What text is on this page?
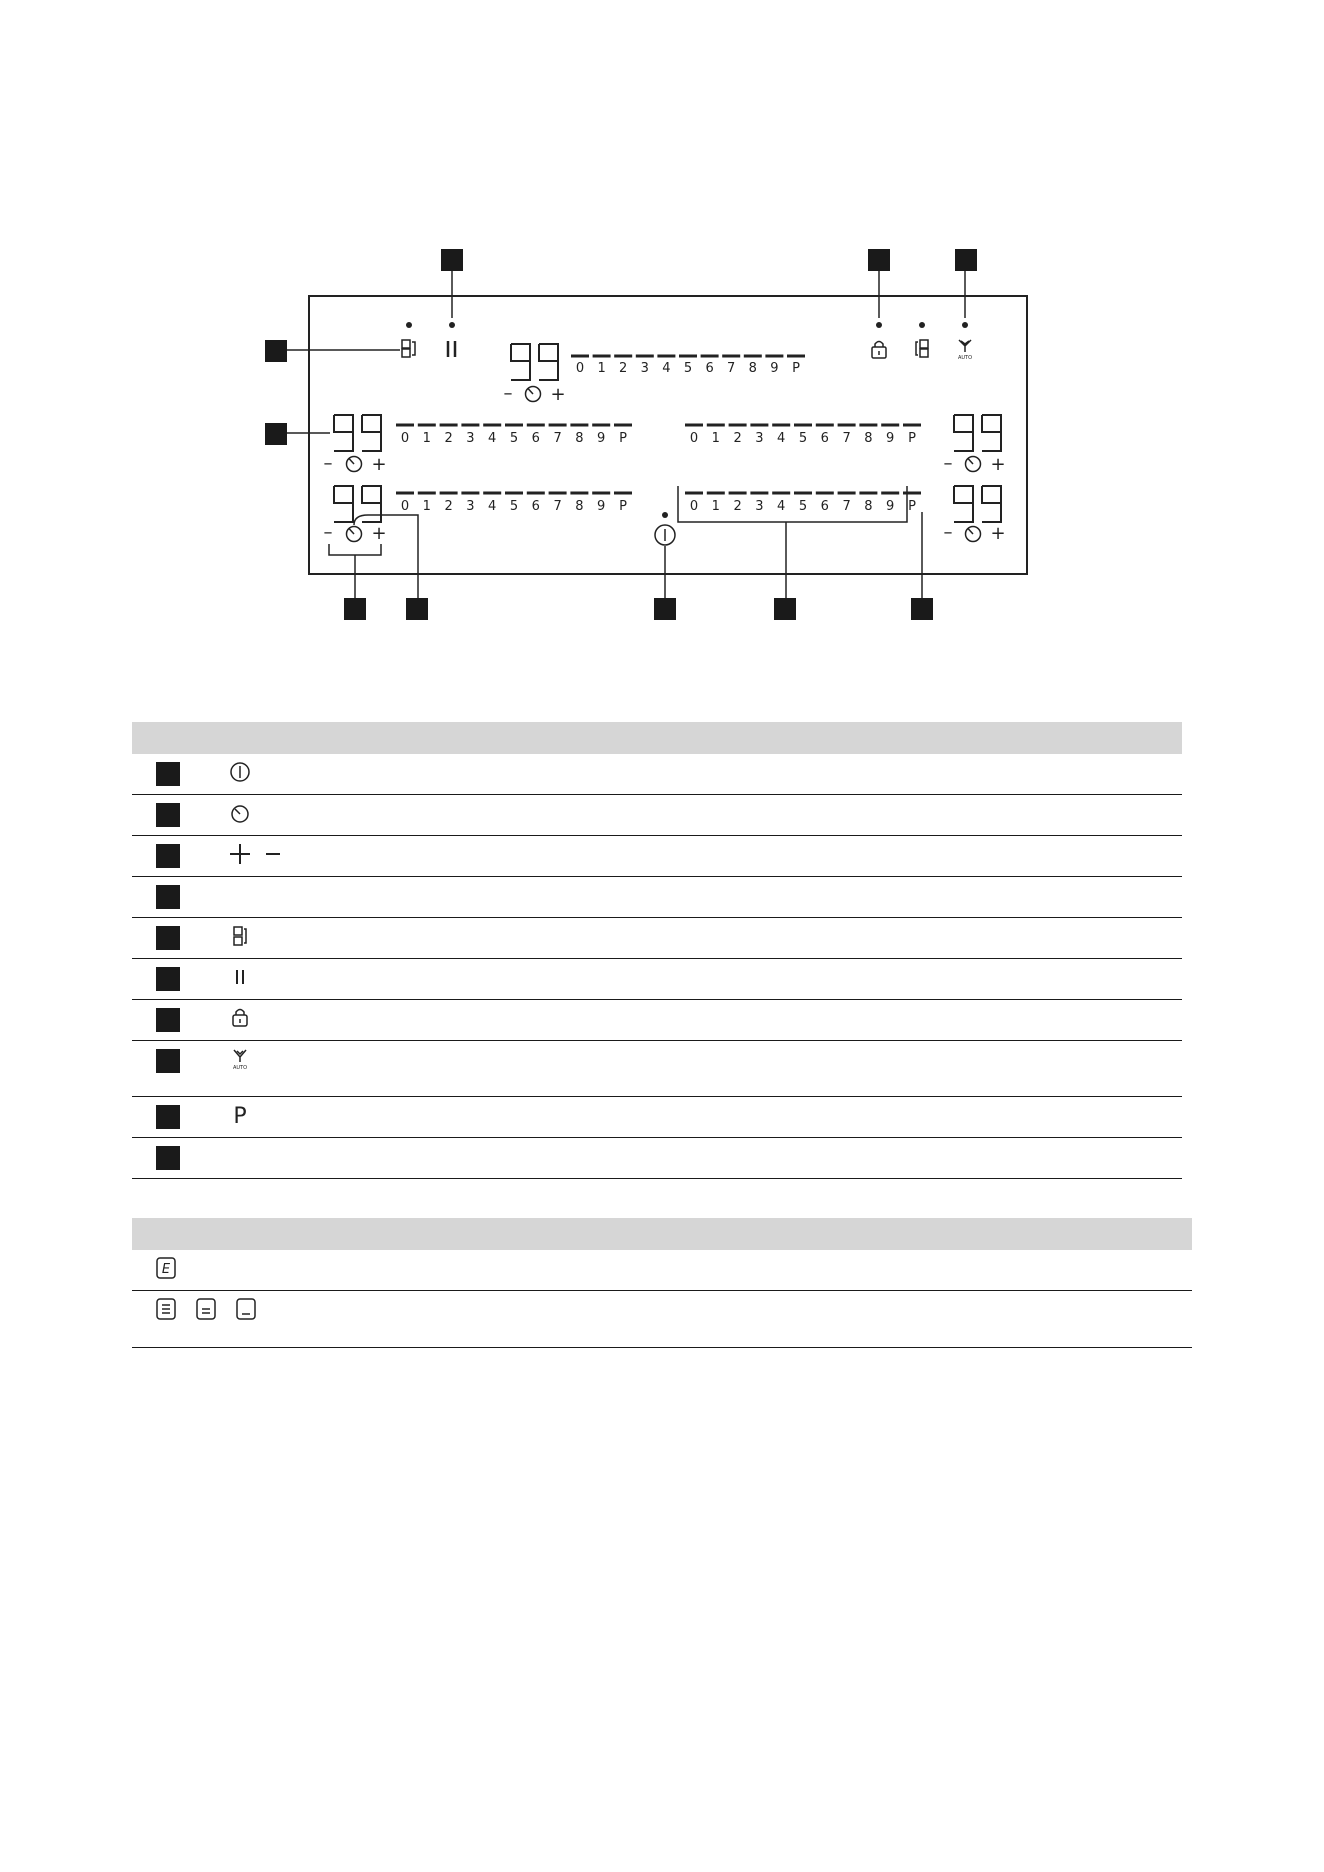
0 1 2 3 4 5 6 7 8 9 P
– +
AUTO
0 1 2 3 4 5 6 7 8 9 P
– +
0 1 2 3 4 5 6 7 8 9 P
– +
0 1 2 3 4 5 6 7 8 9 P
– +
0 1 2 3 4 5 6 7 8 9 P
– +
AUTO
P
E
